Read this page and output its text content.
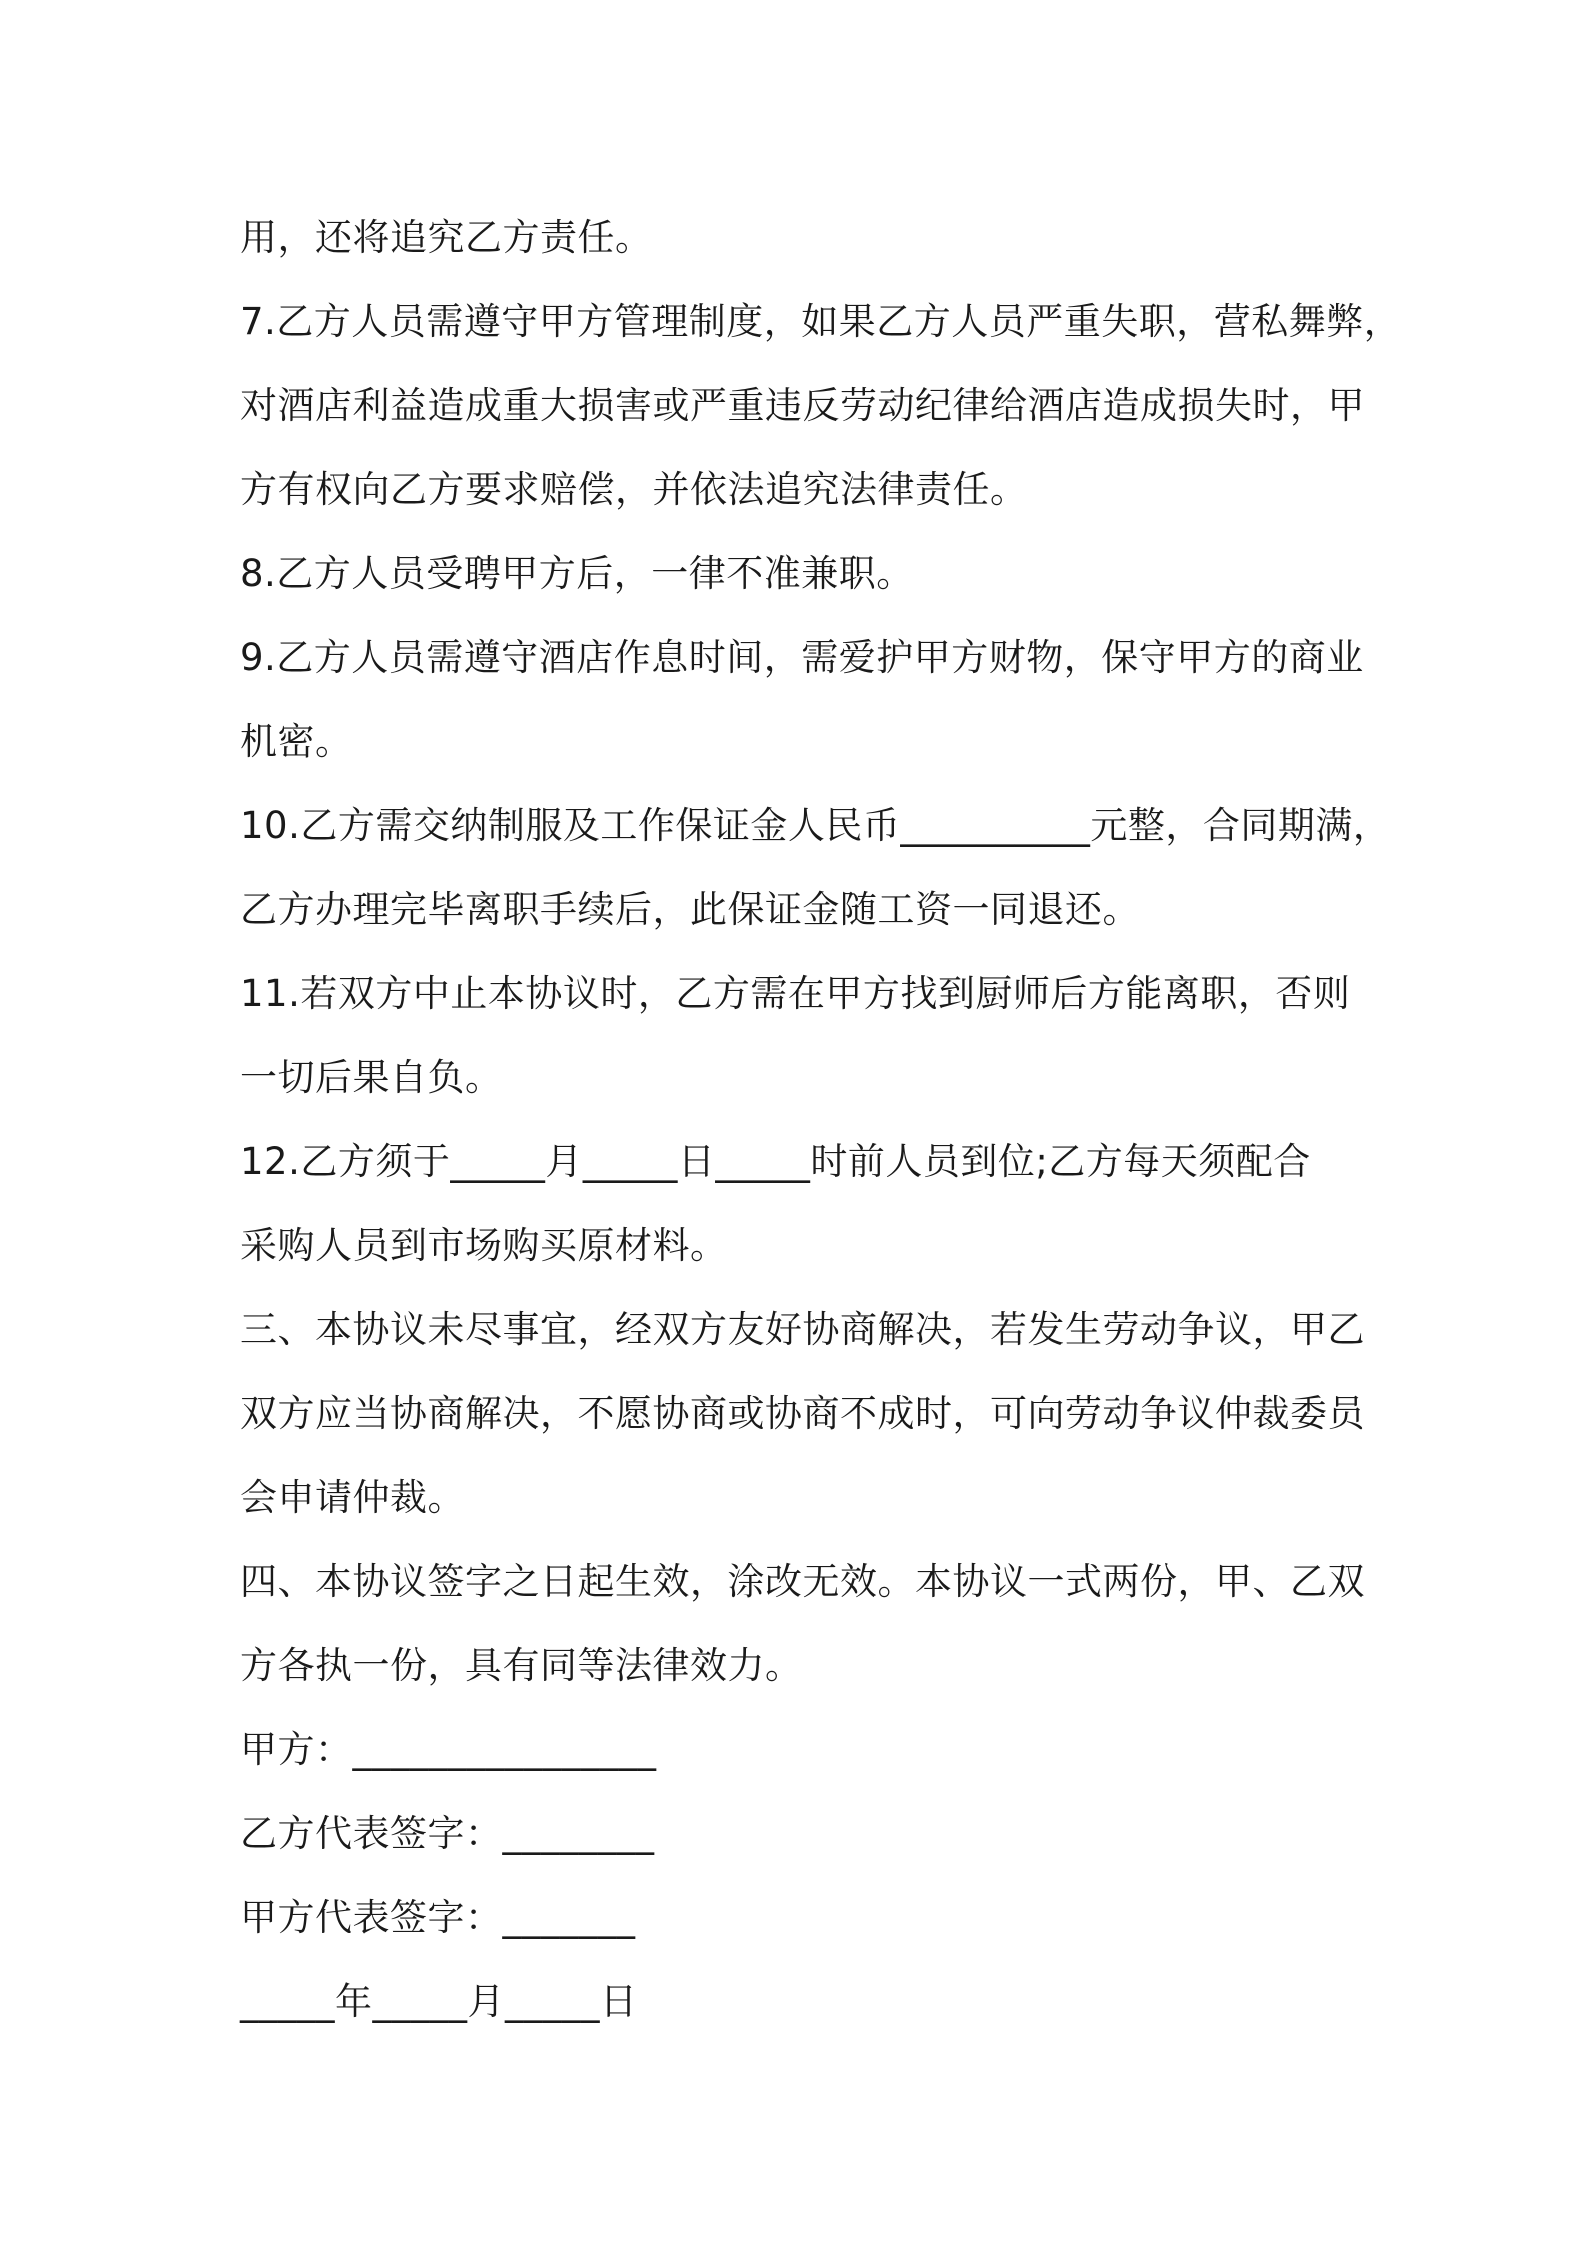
用，还将追究乙方责任。
7.乙方人员需遵守甲方管理制度，如果乙方人员严重失职，营私舞弊，
对酒店利益造成重大损害或严重违反劳动纪律给酒店造成损失时，甲
方有权向乙方要求赔偿，并依法追究法律责任。
8.乙方人员受聘甲方后，一律不准兼职。
9.乙方人员需遵守酒店作息时间，需爱护甲方财物，保守甲方的商业
机密。
10.乙方需交纳制服及工作保证金人民币__________元整，合同期满，
乙方办理完毕离职手续后，此保证金随工资一同退还。
11.若双方中止本协议时，乙方需在甲方找到厨师后方能离职，否则
一切后果自负。
12.乙方须于_____月_____日_____时前人员到位;乙方每天须配合
采购人员到市场购买原材料。
三、本协议未尽事宜，经双方友好协商解决，若发生劳动争议，甲乙
双方应当协商解决，不愿协商或协商不成时，可向劳动争议仲裁委员
会申请仲裁。
四、本协议签字之日起生效，涂改无效。本协议一式两份，甲、乙双
方各执一份，具有同等法律效力。
甲方：________________
乙方代表签字：________
甲方代表签字：_______
_____年_____月_____日
